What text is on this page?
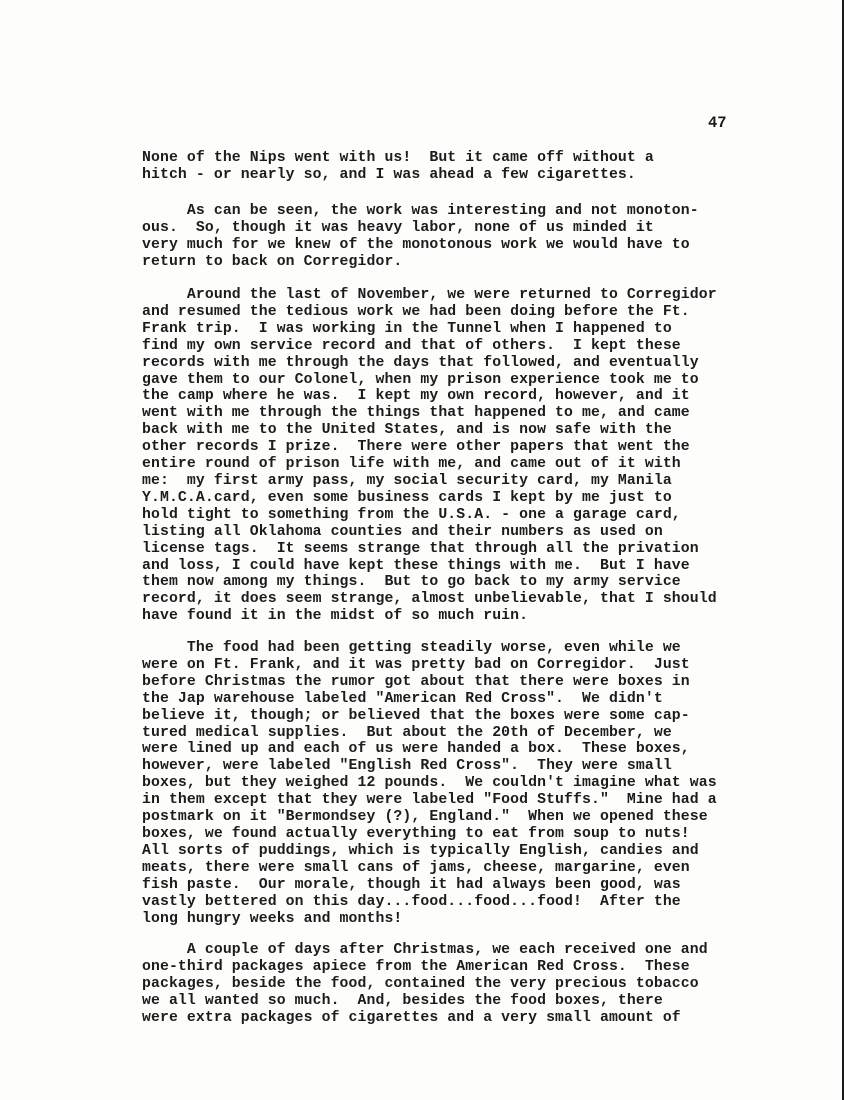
47
None of the Nips went with us!  But it came off without a
hitch - or nearly so, and I was ahead a few cigarettes.
As can be seen, the work was interesting and not monoton-
ous.  So, though it was heavy labor, none of us minded it
very much for we knew of the monotonous work we would have to
return to back on Corregidor.
Around the last of November, we were returned to Corregidor
and resumed the tedious work we had been doing before the Ft.
Frank trip.  I was working in the Tunnel when I happened to
find my own service record and that of others.  I kept these
records with me through the days that followed, and eventually
gave them to our Colonel, when my prison experience took me to
the camp where he was.  I kept my own record, however, and it
went with me through the things that happened to me, and came
back with me to the United States, and is now safe with the
other records I prize.  There were other papers that went the
entire round of prison life with me, and came out of it with
me:  my first army pass, my social security card, my Manila
Y.M.C.A.card, even some business cards I kept by me just to
hold tight to something from the U.S.A. - one a garage card,
listing all Oklahoma counties and their numbers as used on
license tags.  It seems strange that through all the privation
and loss, I could have kept these things with me.  But I have
them now among my things.  But to go back to my army service
record, it does seem strange, almost unbelievable, that I should
have found it in the midst of so much ruin.
The food had been getting steadily worse, even while we
were on Ft. Frank, and it was pretty bad on Corregidor.  Just
before Christmas the rumor got about that there were boxes in
the Jap warehouse labeled "American Red Cross".  We didn't
believe it, though; or believed that the boxes were some cap-
tured medical supplies.  But about the 20th of December, we
were lined up and each of us were handed a box.  These boxes,
however, were labeled "English Red Cross".  They were small
boxes, but they weighed 12 pounds.  We couldn't imagine what was
in them except that they were labeled "Food Stuffs."  Mine had a
postmark on it "Bermondsey (?), England."  When we opened these
boxes, we found actually everything to eat from soup to nuts!
All sorts of puddings, which is typically English, candies and
meats, there were small cans of jams, cheese, margarine, even
fish paste.  Our morale, though it had always been good, was
vastly bettered on this day...food...food...food!  After the
long hungry weeks and months!
A couple of days after Christmas, we each received one and
one-third packages apiece from the American Red Cross.  These
packages, beside the food, contained the very precious tobacco
we all wanted so much.  And, besides the food boxes, there
were extra packages of cigarettes and a very small amount of
